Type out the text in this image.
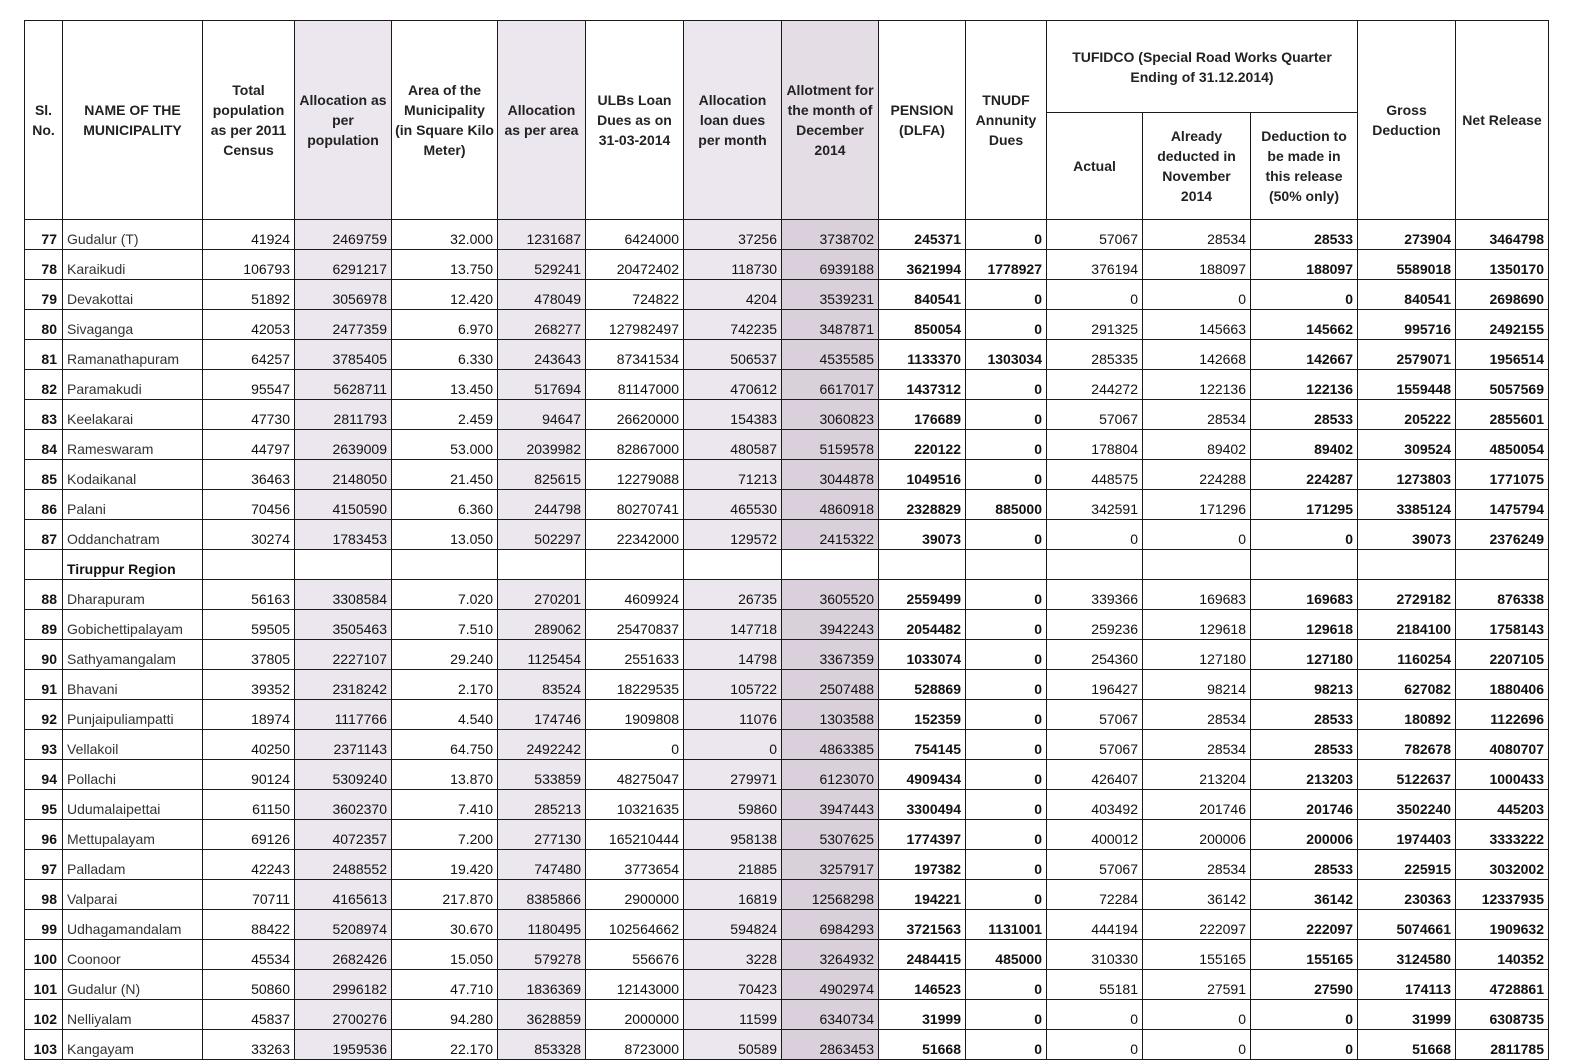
Sl. No.	NAME OF THE MUNICIPALITY	Total population as per 2011 Census	Allocation as per population	Area of the Municipality (in Square Kilo Meter)	Allocation as per area	ULBs Loan Dues as on 31-03-2014	Allocation loan dues per month	Allotment for the month of December 2014	PENSION (DLFA)	TNUDF Annunity Dues	TUFIDCO (Special Road Works Quarter Ending of 31.12.2014)			Gross Deduction	Net Release
											Actual	Already deducted in November 2014	Deduction to be made in this release (50% only)		
77	Gudalur (T)	41924	2469759	32.000	1231687	6424000	37256	3738702	245371	0	57067	28534	28533	273904	3464798
78	Karaikudi	106793	6291217	13.750	529241	20472402	118730	6939188	3621994	1778927	376194	188097	188097	5589018	1350170
79	Devakottai	51892	3056978	12.420	478049	724822	4204	3539231	840541	0	0	0	0	840541	2698690
80	Sivaganga	42053	2477359	6.970	268277	127982497	742235	3487871	850054	0	291325	145663	145662	995716	2492155
81	Ramanathapuram	64257	3785405	6.330	243643	87341534	506537	4535585	1133370	1303034	285335	142668	142667	2579071	1956514
82	Paramakudi	95547	5628711	13.450	517694	81147000	470612	6617017	1437312	0	244272	122136	122136	1559448	5057569
83	Keelakarai	47730	2811793	2.459	94647	26620000	154383	3060823	176689	0	57067	28534	28533	205222	2855601
84	Rameswaram	44797	2639009	53.000	2039982	82867000	480587	5159578	220122	0	178804	89402	89402	309524	4850054
85	Kodaikanal	36463	2148050	21.450	825615	12279088	71213	3044878	1049516	0	448575	224288	224287	1273803	1771075
86	Palani	70456	4150590	6.360	244798	80270741	465530	4860918	2328829	885000	342591	171296	171295	3385124	1475794
87	Oddanchatram	30274	1783453	13.050	502297	22342000	129572	2415322	39073	0	0	0	0	39073	2376249
	Tiruppur Region														
88	Dharapuram	56163	3308584	7.020	270201	4609924	26735	3605520	2559499	0	339366	169683	169683	2729182	876338
89	Gobichettipalayam	59505	3505463	7.510	289062	25470837	147718	3942243	2054482	0	259236	129618	129618	2184100	1758143
90	Sathyamangalam	37805	2227107	29.240	1125454	2551633	14798	3367359	1033074	0	254360	127180	127180	1160254	2207105
91	Bhavani	39352	2318242	2.170	83524	18229535	105722	2507488	528869	0	196427	98214	98213	627082	1880406
92	Punjaipuliampatti	18974	1117766	4.540	174746	1909808	11076	1303588	152359	0	57067	28534	28533	180892	1122696
93	Vellakoil	40250	2371143	64.750	2492242	0	0	4863385	754145	0	57067	28534	28533	782678	4080707
94	Pollachi	90124	5309240	13.870	533859	48275047	279971	6123070	4909434	0	426407	213204	213203	5122637	1000433
95	Udumalaipettai	61150	3602370	7.410	285213	10321635	59860	3947443	3300494	0	403492	201746	201746	3502240	445203
96	Mettupalayam	69126	4072357	7.200	277130	165210444	958138	5307625	1774397	0	400012	200006	200006	1974403	3333222
97	Palladam	42243	2488552	19.420	747480	3773654	21885	3257917	197382	0	57067	28534	28533	225915	3032002
98	Valparai	70711	4165613	217.870	8385866	2900000	16819	12568298	194221	0	72284	36142	36142	230363	12337935
99	Udhagamandalam	88422	5208974	30.670	1180495	102564662	594824	6984293	3721563	1131001	444194	222097	222097	5074661	1909632
100	Coonoor	45534	2682426	15.050	579278	556676	3228	3264932	2484415	485000	310330	155165	155165	3124580	140352
101	Gudalur (N)	50860	2996182	47.710	1836369	12143000	70423	4902974	146523	0	55181	27591	27590	174113	4728861
102	Nelliyalam	45837	2700276	94.280	3628859	2000000	11599	6340734	31999	0	0	0	0	31999	6308735
103	Kangayam	33263	1959536	22.170	853328	8723000	50589	2863453	51668	0	0	0	0	51668	2811785
